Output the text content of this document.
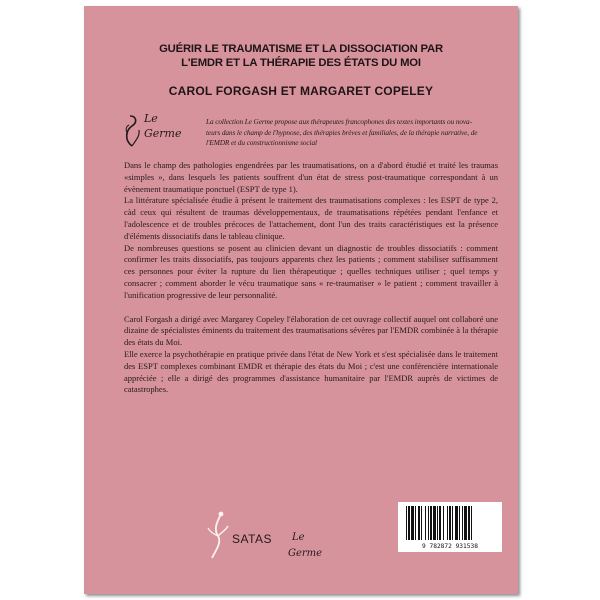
GUÉRIR LE TRAUMATISME ET LA DISSOCIATION PAR
L'EMDR ET LA THÉRAPIE DES ÉTATS DU MOI
CAROL FORGASH ET MARGARET COPELEY
Le
Germe
La collection Le Germe propose aux thérapeutes francophones des textes importants ou nova-
teurs dans le champ de l'hypnose, des thérapies brèves et familiales, de la thérapie narrative, de
l'EMDR et du constructionnisme social

Dans le champ des pathologies engendrées par les traumatisations, on a d'abord étudié et traité les traumas «simples », dans lesquels les patients souffrent d'un état de stress post-traumatique correspondant à un évènement traumatique ponctuel (ESPT de type 1).

La littérature spécialisée étudie à présent le traitement des traumatisations complexes : les ESPT de type 2, càd ceux qui résultent de traumas développementaux, de traumatisations répétées pendant l'enfance et l'adolescence et de troubles précoces de l'attachement, dont l'un des traits caractéristiques est la présence d'éléments dissociatifs dans le tableau clinique.

De nombreuses questions se posent au clinicien devant un diagnostic de troubles dissociatifs : comment confirmer les traits dissociatifs, pas toujours apparents chez les patients ; comment stabiliser suffisamment ces personnes pour éviter la rupture du lien thérapeutique ; quelles techniques utiliser ; quel temps y consacrer ; comment aborder le vécu traumatique sans « re-traumatiser » le patient ; comment travailler à l'unification progressive de leur personnalité.

Carol Forgash a dirigé avec Margarey Copeley l'élaboration de cet ouvrage collectif auquel ont collaboré une dizaine de spécialistes éminents du traitement des traumatisations sévères par l'EMDR combinée à la thérapie des états du Moi.

Elle exerce la psychothérapie en pratique privée dans l'état de New York et s'est spécialisée dans le traitement des ESPT complexes combinant EMDR et thérapie des états du Moi ; c'est une conférencière internationale appréciée ; elle a dirigé des programmes d'assistance humanitaire par l'EMDR auprès de victimes de catastrophes.

SATAS Le
Germe
9 782872 931538
